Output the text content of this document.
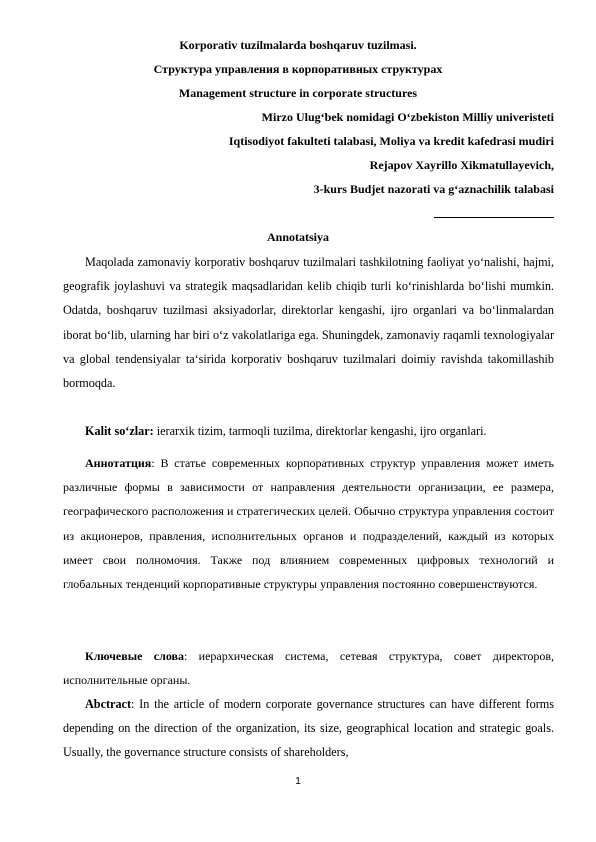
Korporativ tuzilmalarda boshqaruv tuzilmasi.
Структура управления в корпоративных структурах
Management structure in corporate structures
Mirzo Ulugʻbek nomidagi Oʻzbekiston Milliy univeristeti
Iqtisodiyot fakulteti talabasi, Moliya va kredit kafedrasi mudiri
Rejapov Xayrillo Xikmatullayevich,
3-kurs Budjet nazorati va gʻaznachilik talabasi
Annotatsiya

Maqolada zamonaviy korporativ boshqaruv tuzilmalari tashkilotning faoliyat yoʻnalishi, hajmi, geografik joylashuvi va strategik maqsadlaridan kelib chiqib turli koʻrinishlarda boʻlishi mumkin. Odatda, boshqaruv tuzilmasi aksiyadorlar, direktorlar kengashi, ijro organlari va boʻlinmalardan iborat boʻlib, ularning har biri oʻz vakolatlariga ega. Shuningdek, zamonaviy raqamli texnologiyalar va global tendensiyalar taʻsirida korporativ boshqaruv tuzilmalari doimiy ravishda takomillashib bormoqda.

Kalit soʻzlar: ierarxik tizim, tarmoqli tuzilma, direktorlar kengashi, ijro organlari.

Аннотатция: В статье современных корпоративных структур управления может иметь различные формы в зависимости от направления деятельности организации, ее размера, географического расположения и стратегических целей. Обычно структура управления состоит из акционеров, правления, исполнительных органов и подразделений, каждый из которых имеет свои полномочия. Также под влиянием современных цифровых технологий и глобальных тенденций корпоративные структуры управления постоянно совершенствуются.

Ключевые слова: иерархическая система, сетевая структура, совет директоров, исполнительные органы.

Abctract: In the article of modern corporate governance structures can have different forms depending on the direction of the organization, its size, geographical location and strategic goals. Usually, the governance structure consists of shareholders,

1
